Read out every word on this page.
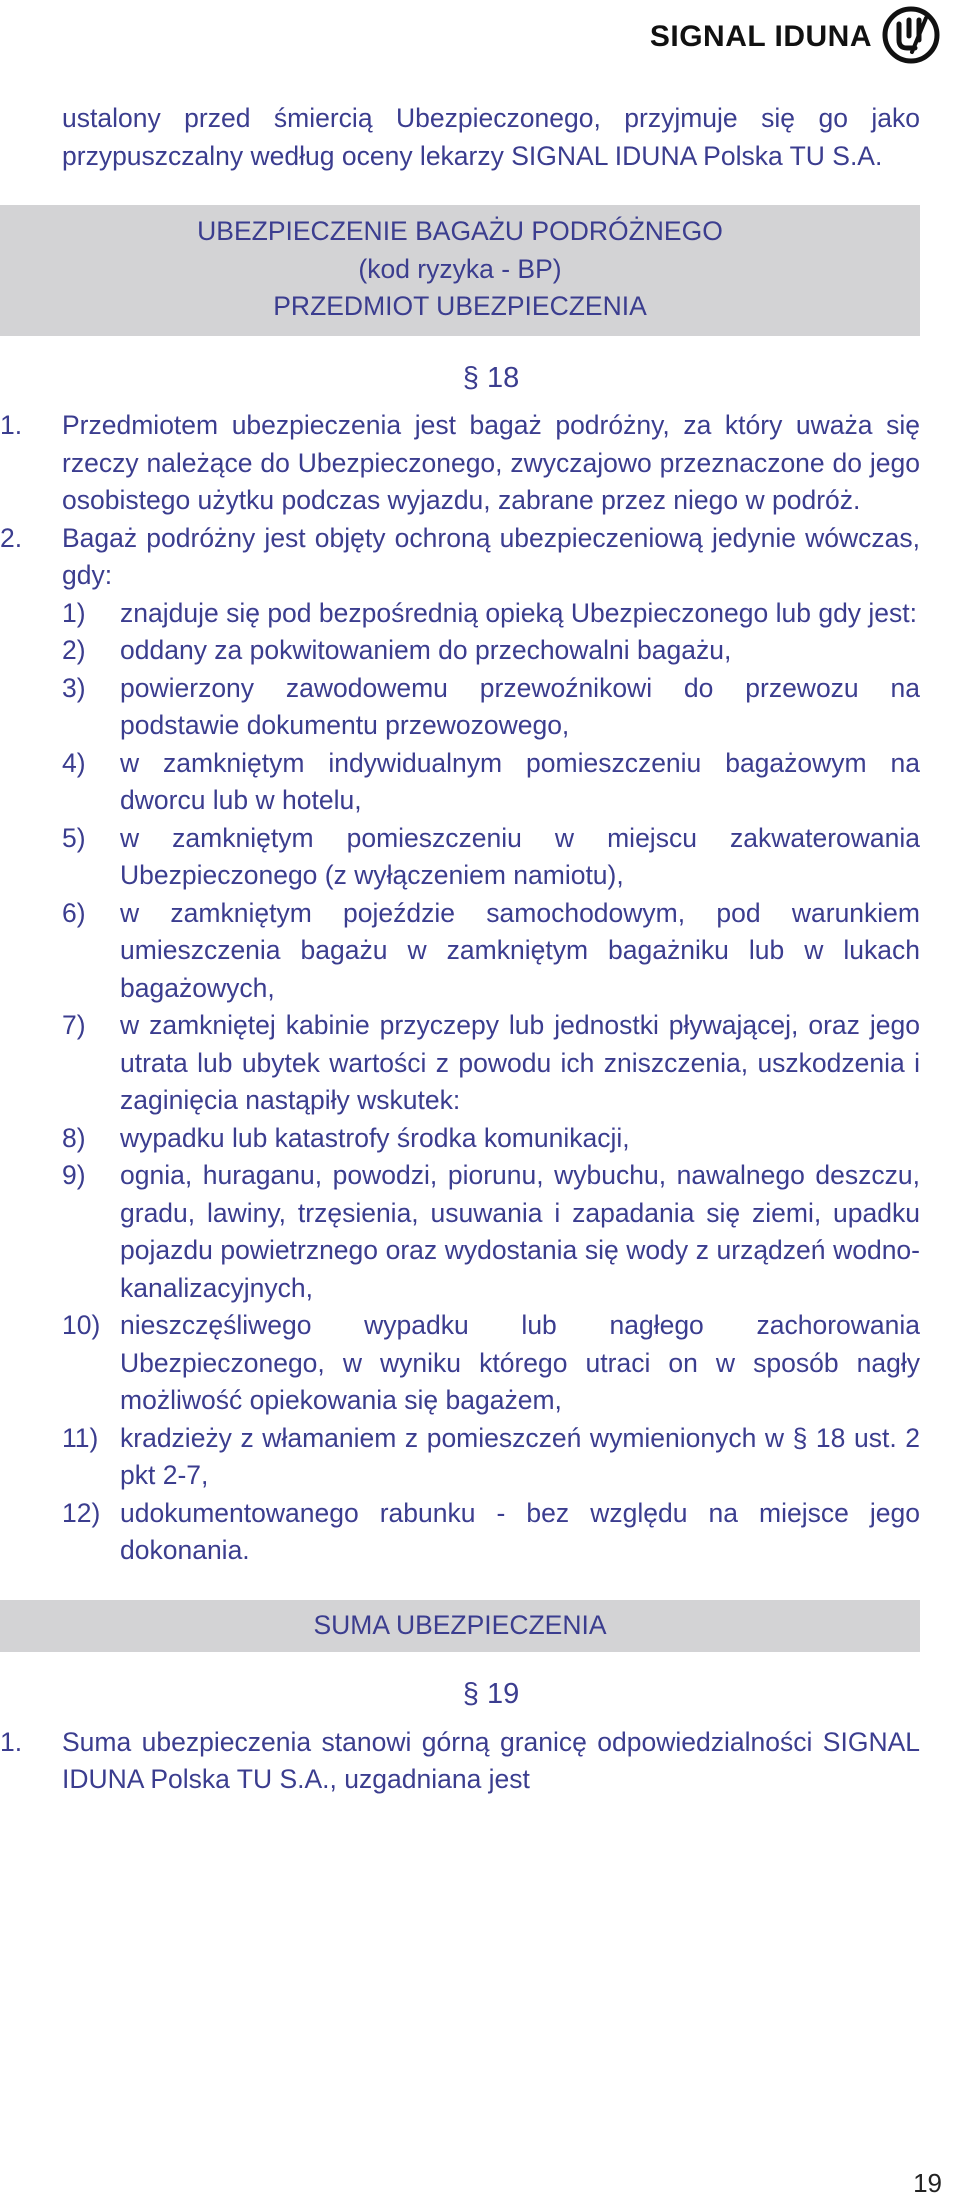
SIGNAL IDUNA

ustalony przed śmiercią Ubezpieczonego, przyjmuje się go jako przypuszczalny według oceny lekarzy SIGNAL IDUNA Polska TU S.A.

UBEZPIECZENIE BAGAŻU PODRÓŻNEGO
(kod ryzyka - BP)
PRZEDMIOT UBEZPIECZENIA
§ 18
1.	Przedmiotem ubezpieczenia jest bagaż podróżny, za który uważa się rzeczy należące do Ubezpieczonego, zwyczajowo przeznaczone do jego osobistego użytku podczas wyjazdu, zabrane przez niego w podróż.
2.	Bagaż podróżny jest objęty ochroną ubezpieczeniową jedynie wówczas, gdy:
1)	znajduje się pod bezpośrednią opieką Ubezpieczonego lub gdy jest:
2)	oddany za pokwitowaniem do przechowalni bagażu,
3)	powierzony zawodowemu przewoźnikowi do przewozu na podstawie dokumentu przewozowego,
4)	w zamkniętym indywidualnym pomieszczeniu bagażowym na dworcu lub w hotelu,
5)	w zamkniętym pomieszczeniu w miejscu zakwaterowania Ubezpieczonego (z wyłączeniem namiotu),
6)	w zamkniętym pojeździe samochodowym, pod warunkiem umieszczenia bagażu w zamkniętym bagażniku lub w lukach bagażowych,
7)	w zamkniętej kabinie przyczepy lub jednostki pływającej, oraz jego utrata lub ubytek wartości z powodu ich zniszczenia, uszkodzenia i zaginięcia nastąpiły wskutek:
8)	wypadku lub katastrofy środka komunikacji,
9)	ognia, huraganu, powodzi, piorunu, wybuchu, nawalnego deszczu, gradu, lawiny, trzęsienia, usuwania i zapadania się ziemi, upadku pojazdu powietrznego oraz wydostania się wody z urządzeń wodno-kanalizacyjnych,
10) nieszczęśliwego wypadku lub nagłego zachorowania Ubezpieczonego, w wyniku którego utraci on w sposób nagły możliwość opiekowania się bagażem,
11) kradzieży z włamaniem z pomieszczeń wymienionych w § 18 ust. 2 pkt 2-7,
12) udokumentowanego rabunku - bez względu na miejsce jego dokonania.
SUMA UBEZPIECZENIA
§ 19
1.	Suma ubezpieczenia stanowi górną granicę odpowiedzialności SIGNAL IDUNA Polska TU S.A., uzgadniana jest
19
